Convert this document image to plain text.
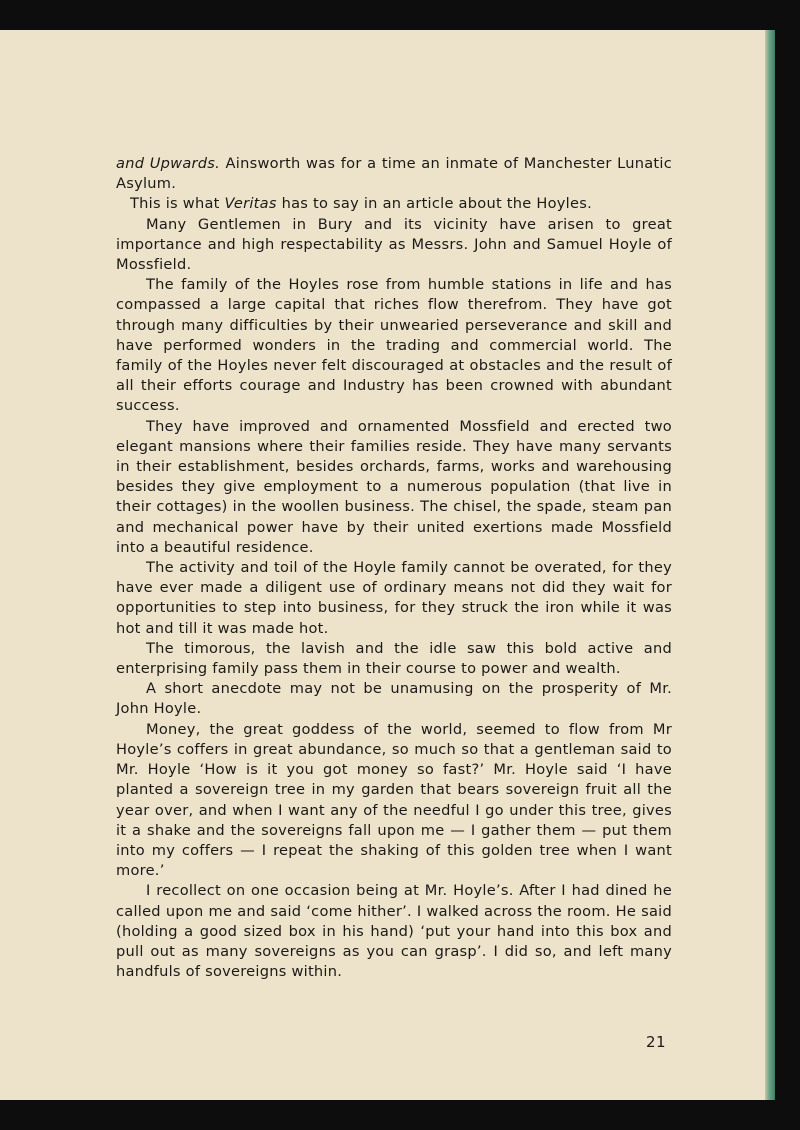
and Upwards. Ainsworth was for a time an inmate of Manchester Lunatic Asylum.

This is what Veritas has to say in an article about the Hoyles.

Many Gentlemen in Bury and its vicinity have arisen to great importance and high respectability as Messrs. John and Samuel Hoyle of Mossfield.

The family of the Hoyles rose from humble stations in life and has compassed a large capital that riches flow therefrom. They have got through many difficulties by their unwearied perseverance and skill and have performed wonders in the trading and commercial world. The family of the Hoyles never felt discouraged at obstacles and the result of all their efforts courage and Industry has been crowned with abundant success.

They have improved and ornamented Mossfield and erected two elegant mansions where their families reside. They have many servants in their establishment, besides orchards, farms, works and warehousing besides they give employment to a numerous population (that live in their cottages) in the woollen business. The chisel, the spade, steam pan and mechanical power have by their united exertions made Mossfield into a beautiful residence.

The activity and toil of the Hoyle family cannot be overated, for they have ever made a diligent use of ordinary means not did they wait for opportunities to step into business, for they struck the iron while it was hot and till it was made hot.

The timorous, the lavish and the idle saw this bold active and enterprising family pass them in their course to power and wealth.

A short anecdote may not be unamusing on the prosperity of Mr. John Hoyle.

Money, the great goddess of the world, seemed to flow from Mr Hoyle’s coffers in great abundance, so much so that a gentleman said to Mr. Hoyle ‘How is it you got money so fast?’ Mr. Hoyle said ‘I have planted a sovereign tree in my garden that bears sovereign fruit all the year over, and when I want any of the needful I go under this tree, gives it a shake and the sovereigns fall upon me — I gather them — put them into my coffers — I repeat the shaking of this golden tree when I want more.’

I recollect on one occasion being at Mr. Hoyle’s. After I had dined he called upon me and said ‘come hither’. I walked across the room. He said (holding a good sized box in his hand) ‘put your hand into this box and pull out as many sovereigns as you can grasp’. I did so, and left many handfuls of sovereigns within.

21
